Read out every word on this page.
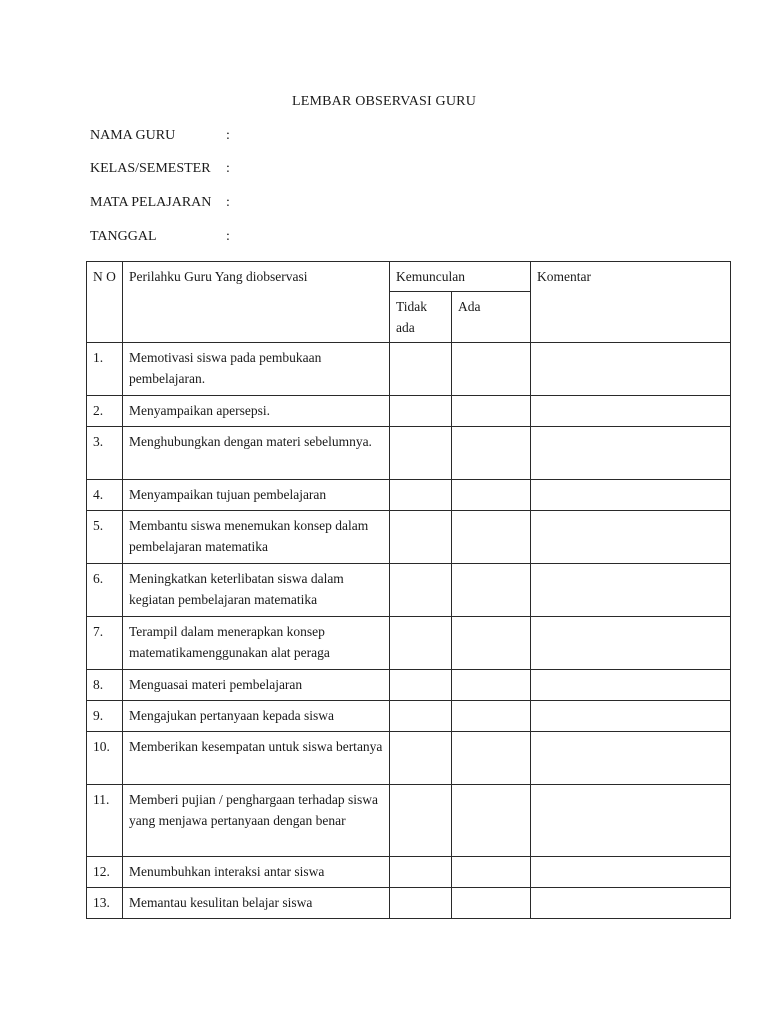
LEMBAR OBSERVASI GURU
NAMA GURU	:
KELAS/SEMESTER :
MATA PELAJARAN :
TANGGAL	:
N O	Perilahku Guru Yang diobservasi	Kemunculan		Komentar
		Tidak ada	Ada	
1.	Memotivasi siswa pada pembukaan pembelajaran.			
2.	Menyampaikan apersepsi.			
3.	Menghubungkan dengan materi sebelumnya.			
4.	Menyampaikan tujuan pembelajaran			
5.	Membantu siswa menemukan konsep dalam pembelajaran matematika			
6.	Meningkatkan keterlibatan siswa dalam kegiatan pembelajaran matematika			
7.	Terampil dalam menerapkan konsep matematikamenggunakan alat peraga			
8.	Menguasai materi pembelajaran			
9.	Mengajukan pertanyaan kepada siswa			
10.	Memberikan kesempatan untuk siswa bertanya			
11.	Memberi pujian / penghargaan terhadap siswa yang menjawa pertanyaan dengan benar			
12.	Menumbuhkan interaksi antar siswa			
13.	Memantau kesulitan belajar siswa			
